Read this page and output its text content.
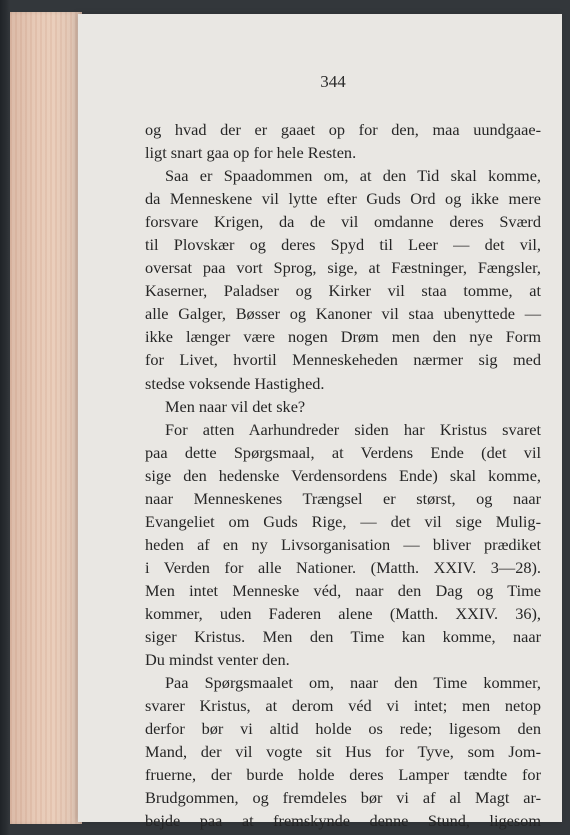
344
og hvad der er gaaet op for den, maa uundgaae-
ligt snart gaa op for hele Resten.
Saa er Spaadommen om, at den Tid skal komme,
da Menneskene vil lytte efter Guds Ord og ikke mere
forsvare Krigen, da de vil omdanne deres Sværd
til Plovskær og deres Spyd til Leer — det vil,
oversat paa vort Sprog, sige, at Fæstninger, Fængsler,
Kaserner, Paladser og Kirker vil staa tomme, at
alle Galger, Bøsser og Kanoner vil staa ubenyttede —
ikke længer være nogen Drøm men den nye Form
for Livet, hvortil Menneskeheden nærmer sig med
stedse voksende Hastighed.
Men naar vil det ske?
For atten Aarhundreder siden har Kristus svaret
paa dette Spørgsmaal, at Verdens Ende (det vil
sige den hedenske Verdensordens Ende) skal komme,
naar Menneskenes Trængsel er størst, og naar
Evangeliet om Guds Rige, — det vil sige Mulig-
heden af en ny Livsorganisation — bliver prædiket
i Verden for alle Nationer. (Matth. XXIV. 3—28).
Men intet Menneske véd, naar den Dag og Time
kommer, uden Faderen alene (Matth. XXIV. 36),
siger Kristus. Men den Time kan komme, naar
Du mindst venter den.
Paa Spørgsmaalet om, naar den Time kommer,
svarer Kristus, at derom véd vi intet; men netop
derfor bør vi altid holde os rede; ligesom den
Mand, der vil vogte sit Hus for Tyve, som Jom-
fruerne, der burde holde deres Lamper tændte for
Brudgommen, og fremdeles bør vi af al Magt ar-
bejde paa at fremskynde denne Stund, ligesom
